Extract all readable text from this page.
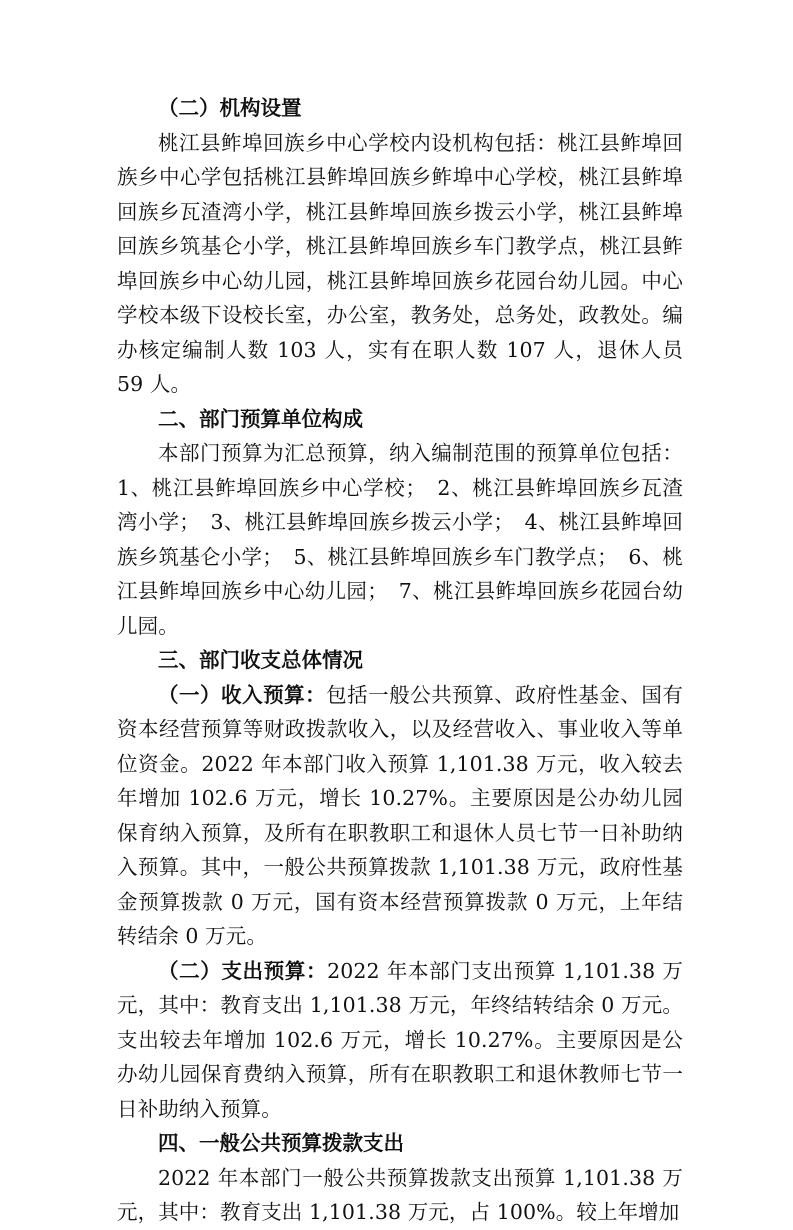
（二）机构设置

桃江县鲊埠回族乡中心学校内设机构包括：桃江县鲊埠回族乡中心学包括桃江县鲊埠回族乡鲊埠中心学校，桃江县鲊埠回族乡瓦渣湾小学，桃江县鲊埠回族乡拨云小学，桃江县鲊埠回族乡筑基仑小学，桃江县鲊埠回族乡车门教学点，桃江县鲊埠回族乡中心幼儿园，桃江县鲊埠回族乡花园台幼儿园。中心学校本级下设校长室，办公室，教务处，总务处，政教处。编办核定编制人数 103 人，实有在职人数 107 人，退休人员 59 人。

二、部门预算单位构成

本部门预算为汇总预算，纳入编制范围的预算单位包括：1、桃江县鲊埠回族乡中心学校；　2、桃江县鲊埠回族乡瓦渣湾小学；　3、桃江县鲊埠回族乡拨云小学；　4、桃江县鲊埠回族乡筑基仑小学；　5、桃江县鲊埠回族乡车门教学点；　6、桃江县鲊埠回族乡中心幼儿园；　7、桃江县鲊埠回族乡花园台幼儿园。

三、部门收支总体情况

（一）收入预算：包括一般公共预算、政府性基金、国有资本经营预算等财政拨款收入，以及经营收入、事业收入等单位资金。2022 年本部门收入预算 1,101.38 万元，收入较去年增加 102.6 万元，增长 10.27%。主要原因是公办幼儿园保育纳入预算，及所有在职教职工和退休人员七节一日补助纳入预算。其中，一般公共预算拨款 1,101.38 万元，政府性基金预算拨款 0 万元，国有资本经营预算拨款 0 万元，上年结转结余 0 万元。

（二）支出预算：2022 年本部门支出预算 1,101.38 万元，其中：教育支出 1,101.38 万元，年终结转结余 0 万元。支出较去年增加 102.6 万元，增长 10.27%。主要原因是公办幼儿园保育费纳入预算，所有在职教职工和退休教师七节一日补助纳入预算。

四、一般公共预算拨款支出

2022 年本部门一般公共预算拨款支出预算 1,101.38 万元，其中：教育支出 1,101.38 万元，占 100%。较上年增加
